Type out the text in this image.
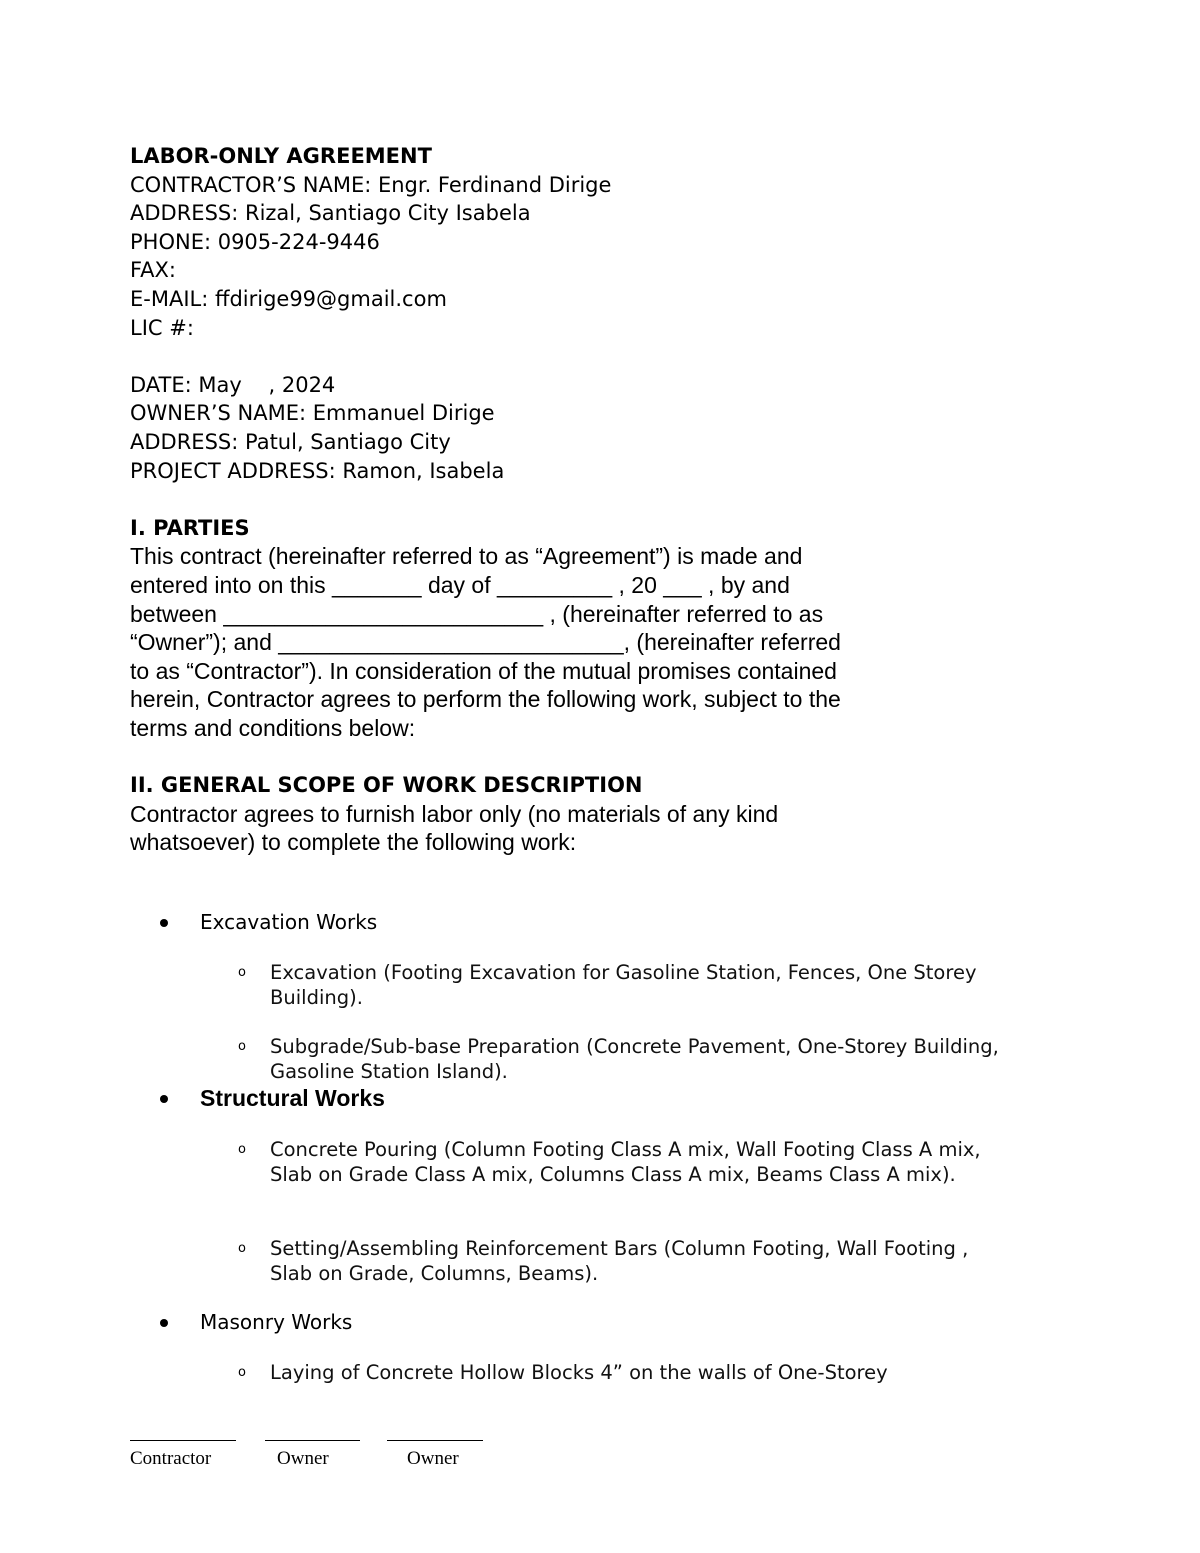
LABOR-ONLY AGREEMENT
CONTRACTOR’S NAME: Engr. Ferdinand Dirige
ADDRESS: Rizal, Santiago City Isabela
PHONE: 0905-224-9446
FAX:
E-MAIL: ffdirige99@gmail.com
LIC #:
DATE: May    , 2024
OWNER’S NAME: Emmanuel Dirige
ADDRESS: Patul, Santiago City
PROJECT ADDRESS: Ramon, Isabela
I. PARTIES
This contract (hereinafter referred to as “Agreement”) is made and
entered into on this _______ day of _________ , 20 ___ , by and
between _________________________ , (hereinafter referred to as
“Owner”); and ___________________________, (hereinafter referred
to as “Contractor”). In consideration of the mutual promises contained
herein, Contractor agrees to perform the following work, subject to the
terms and conditions below:
II. GENERAL SCOPE OF WORK DESCRIPTION
Contractor agrees to furnish labor only (no materials of any kind
whatsoever) to complete the following work:
Excavation Works
o Excavation (Footing Excavation for Gasoline Station, Fences, One Storey Building).
o Subgrade/Sub-base Preparation (Concrete Pavement, One-Storey Building, Gasoline Station Island).
Structural Works
o Concrete Pouring (Column Footing Class A mix, Wall Footing Class A mix, Slab on Grade Class A mix, Columns Class A mix, Beams Class A mix).
o Setting/Assembling Reinforcement Bars (Column Footing, Wall Footing , Slab on Grade, Columns, Beams).
Masonry Works
o Laying of Concrete Hollow Blocks 4” on the walls of One-Storey
Contractor	Owner	Owner
